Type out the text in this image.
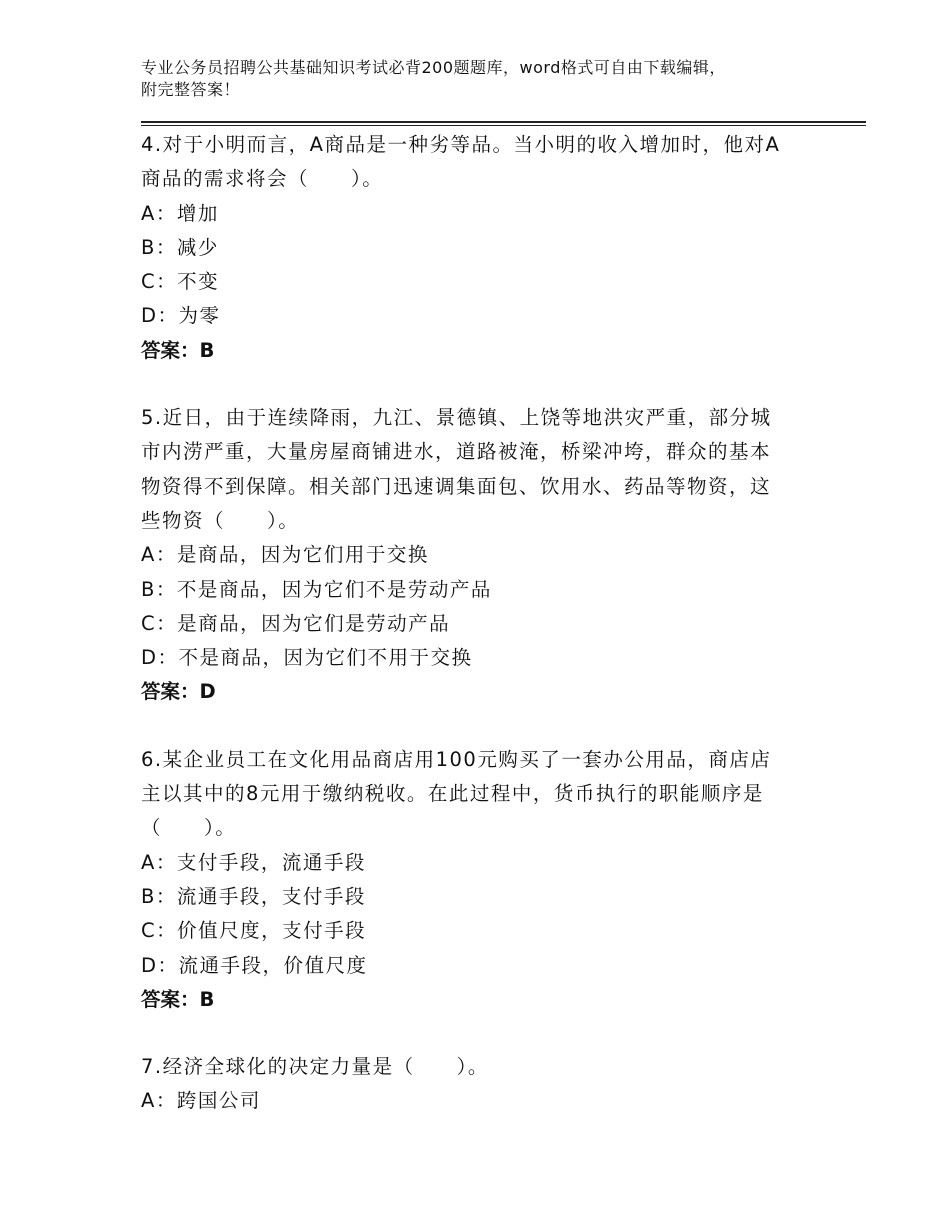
专业公务员招聘公共基础知识考试必背200题题库，word格式可自由下载编辑，
附完整答案！
4.对于小明而言，A商品是一种劣等品。当小明的收入增加时，他对A
商品的需求将会（　　）。
A：增加
B：减少
C：不变
D：为零
答案：B
5.近日，由于连续降雨，九江、景德镇、上饶等地洪灾严重，部分城
市内涝严重，大量房屋商铺进水，道路被淹，桥梁冲垮，群众的基本
物资得不到保障。相关部门迅速调集面包、饮用水、药品等物资，这
些物资（　　）。
A：是商品，因为它们用于交换
B：不是商品，因为它们不是劳动产品
C：是商品，因为它们是劳动产品
D：不是商品，因为它们不用于交换
答案：D
6.某企业员工在文化用品商店用100元购买了一套办公用品，商店店
主以其中的8元用于缴纳税收。在此过程中，货币执行的职能顺序是
（　　）。
A：支付手段，流通手段
B：流通手段，支付手段
C：价值尺度，支付手段
D：流通手段，价值尺度
答案：B
7.经济全球化的决定力量是（　　）。
A：跨国公司
